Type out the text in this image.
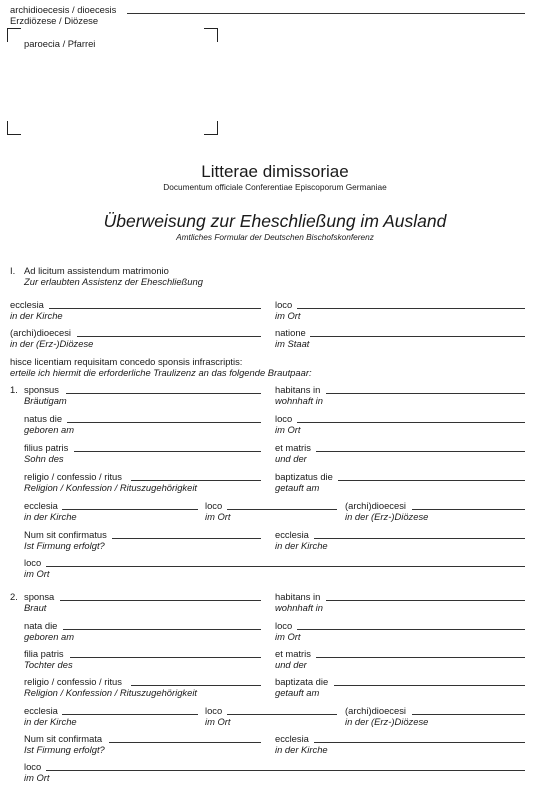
archidioecesis / dioecesis
Erzdiözese / Diözese
paroecia / Pfarrei
Litterae dimissoriae
Documentum officiale Conferentiae Episcoporum Germaniae
Überweisung zur Eheschließung im Ausland
Amtliches Formular der Deutschen Bischofskonferenz
I. Ad licitum assistendum matrimonio
Zur erlaubten Assistenz der Eheschließung
ecclesia
in der Kirche
loco
im Ort
(archi)dioecesi
in der (Erz-)Diözese
natione
im Staat
hisce licentiam requisitam concedo sponsis infrascriptis:
erteile ich hiermit die erforderliche Traulizenz an das folgende Brautpaar:
1. sponsus
Bräutigam
habitans in
wohnhaft in
natus die
geboren am
loco
im Ort
filius patris
Sohn des
et matris
und der
religio / confessio / ritus
Religion / Konfession / Rituszugehörigkeit
baptizatus die
getauft am
ecclesia
in der Kirche
loco
im Ort
(archi)dioecesi
in der (Erz-)Diözese
Num sit confirmatus
Ist Firmung erfolgt?
ecclesia
in der Kirche
loco
im Ort
2. sponsa
Braut
habitans in
wohnhaft in
nata die
geboren am
loco
im Ort
filia patris
Tochter des
et matris
und der
religio / confessio / ritus
Religion / Konfession / Rituszugehörigkeit
baptizata die
getauft am
ecclesia
in der Kirche
loco
im Ort
(archi)dioecesi
in der (Erz-)Diözese
Num sit confirmata
Ist Firmung erfolgt?
ecclesia
in der Kirche
loco
im Ort
